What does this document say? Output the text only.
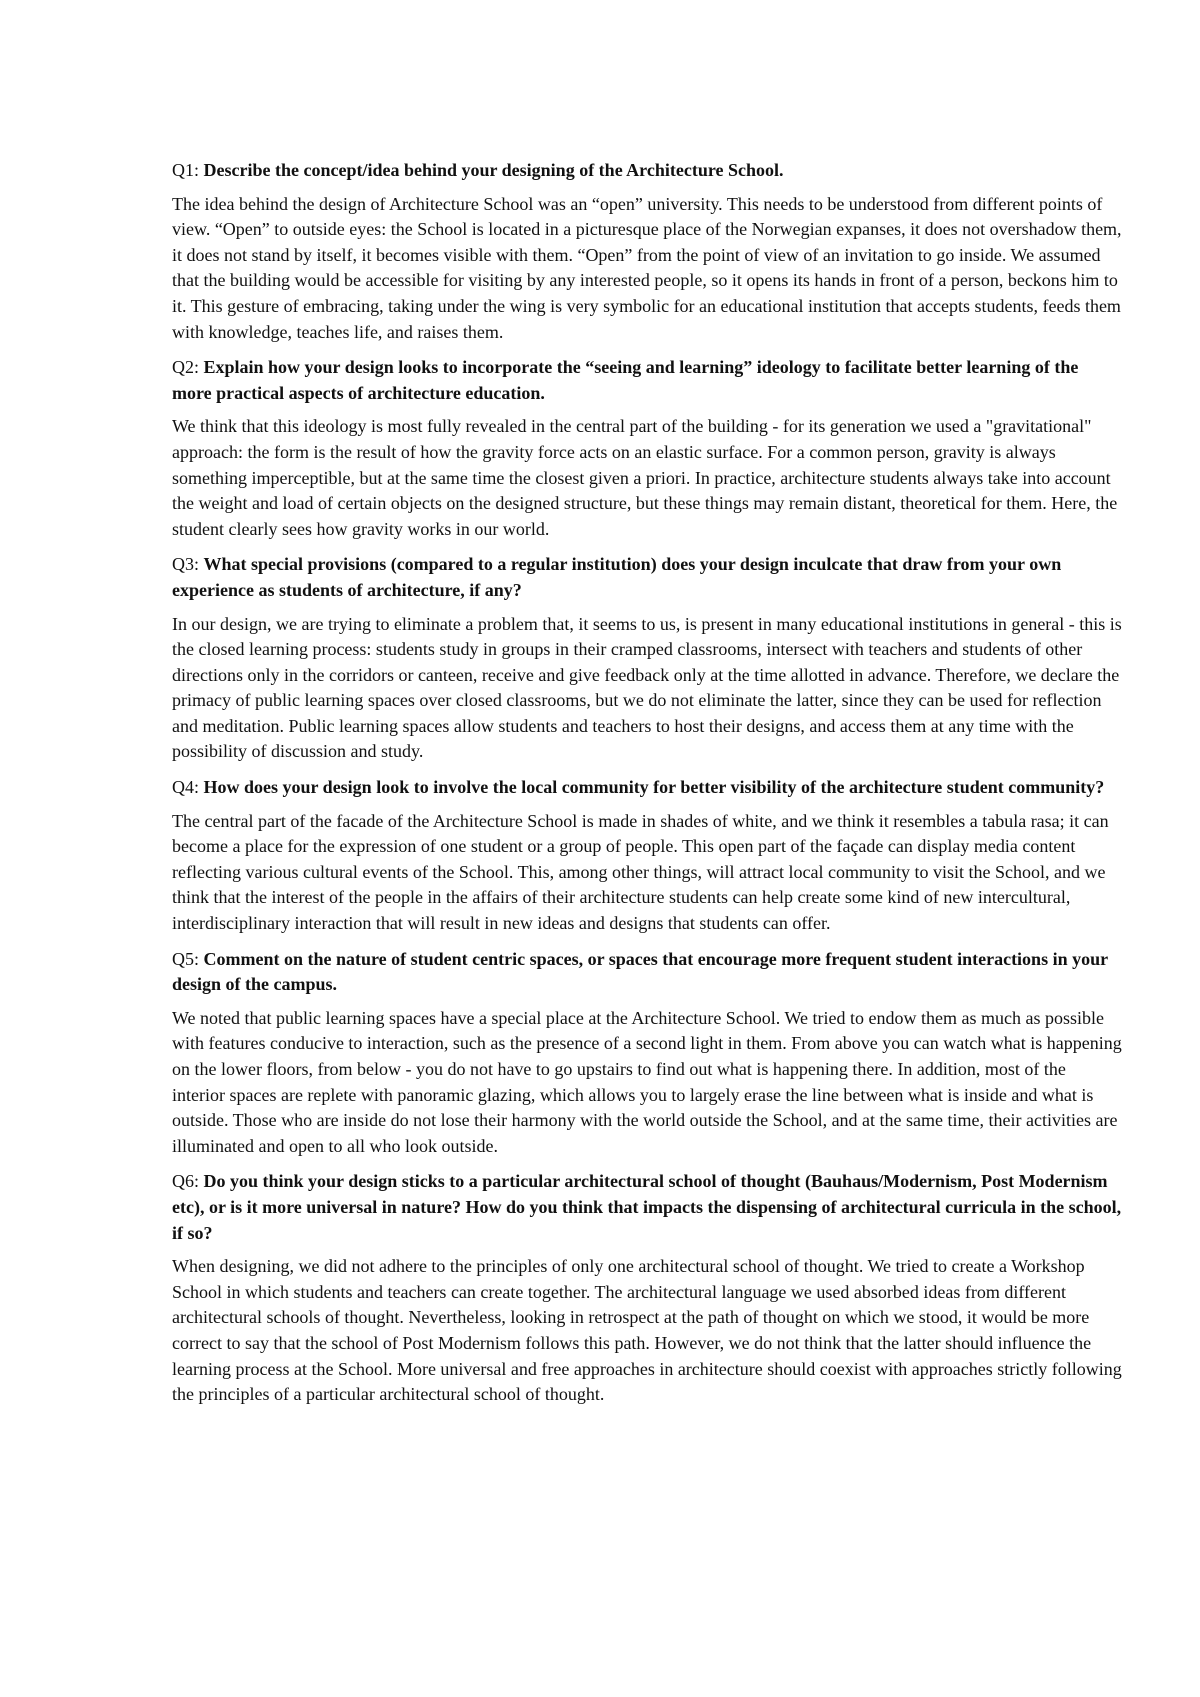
Q1: Describe the concept/idea behind your designing of the Architecture School.

The idea behind the design of Architecture School was an “open” university. This needs to be understood from different points of view. “Open” to outside eyes: the School is located in a picturesque place of the Norwegian expanses, it does not overshadow them, it does not stand by itself, it becomes visible with them. “Open” from the point of view of an invitation to go inside. We assumed that the building would be accessible for visiting by any interested people, so it opens its hands in front of a person, beckons him to it. This gesture of embracing, taking under the wing is very symbolic for an educational institution that accepts students, feeds them with knowledge, teaches life, and raises them.

Q2: Explain how your design looks to incorporate the “seeing and learning” ideology to facilitate better learning of the more practical aspects of architecture education.

We think that this ideology is most fully revealed in the central part of the building - for its generation we used a "gravitational" approach: the form is the result of how the gravity force acts on an elastic surface. For a common person, gravity is always something imperceptible, but at the same time the closest given a priori. In practice, architecture students always take into account the weight and load of certain objects on the designed structure, but these things may remain distant, theoretical for them. Here, the student clearly sees how gravity works in our world.

Q3: What special provisions (compared to a regular institution) does your design inculcate that draw from your own experience as students of architecture, if any?

In our design, we are trying to eliminate a problem that, it seems to us, is present in many educational institutions in general - this is the closed learning process: students study in groups in their cramped classrooms, intersect with teachers and students of other directions only in the corridors or canteen, receive and give feedback only at the time allotted in advance. Therefore, we declare the primacy of public learning spaces over closed classrooms, but we do not eliminate the latter, since they can be used for reflection and meditation. Public learning spaces allow students and teachers to host their designs, and access them at any time with the possibility of discussion and study.

Q4: How does your design look to involve the local community for better visibility of the architecture student community?

The central part of the facade of the Architecture School is made in shades of white, and we think it resembles a tabula rasa; it can become a place for the expression of one student or a group of people. This open part of the façade can display media content reflecting various cultural events of the School. This, among other things, will attract local community to visit the School, and we think that the interest of the people in the affairs of their architecture students can help create some kind of new intercultural, interdisciplinary interaction that will result in new ideas and designs that students can offer.

Q5: Comment on the nature of student centric spaces, or spaces that encourage more frequent student interactions in your design of the campus.

We noted that public learning spaces have a special place at the Architecture School. We tried to endow them as much as possible with features conducive to interaction, such as the presence of a second light in them. From above you can watch what is happening on the lower floors, from below - you do not have to go upstairs to find out what is happening there. In addition, most of the interior spaces are replete with panoramic glazing, which allows you to largely erase the line between what is inside and what is outside. Those who are inside do not lose their harmony with the world outside the School, and at the same time, their activities are illuminated and open to all who look outside.

Q6: Do you think your design sticks to a particular architectural school of thought (Bauhaus/Modernism, Post Modernism etc), or is it more universal in nature? How do you think that impacts the dispensing of architectural curricula in the school, if so?

When designing, we did not adhere to the principles of only one architectural school of thought. We tried to create a Workshop School in which students and teachers can create together. The architectural language we used absorbed ideas from different architectural schools of thought. Nevertheless, looking in retrospect at the path of thought on which we stood, it would be more correct to say that the school of Post Modernism follows this path. However, we do not think that the latter should influence the learning process at the School. More universal and free approaches in architecture should coexist with approaches strictly following the principles of a particular architectural school of thought.
